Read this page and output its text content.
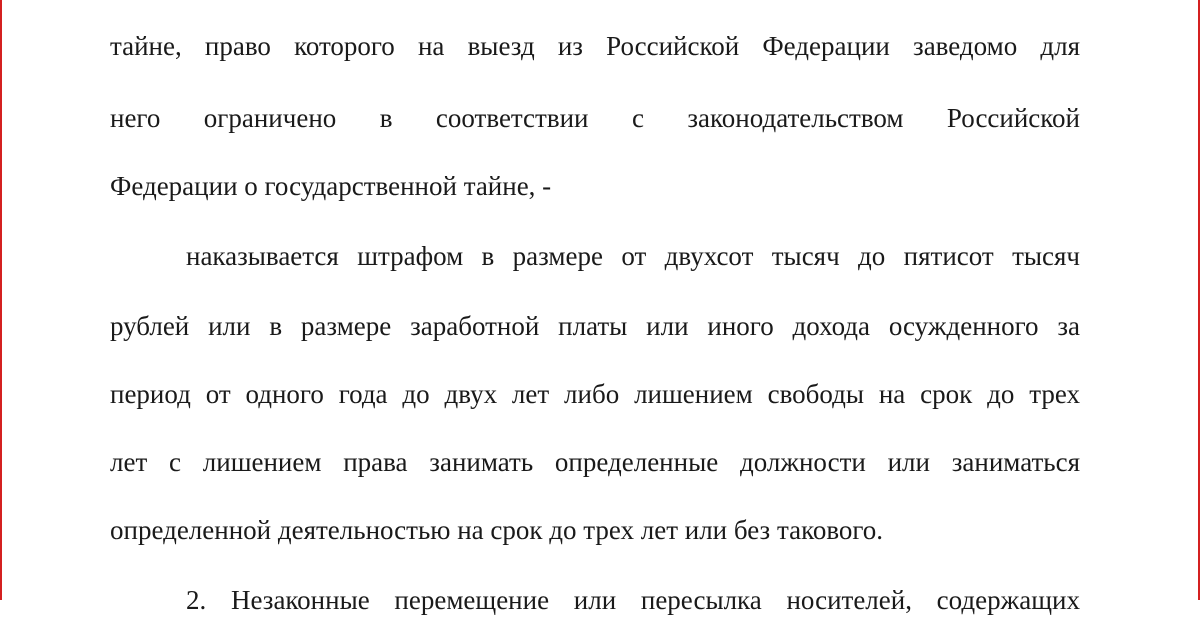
тайне, право которого на выезд из Российской Федерации заведомо для
него ограничено в соответствии с законодательством Российской
Федерации о государственной тайне, -
наказывается штрафом в размере от двухсот тысяч до пятисот тысяч
рублей или в размере заработной платы или иного дохода осужденного за
период от одного года до двух лет либо лишением свободы на срок до трех
лет с лишением права занимать определенные должности или заниматься
определенной деятельностью на срок до трех лет или без такового.
2. Незаконные перемещение или пересылка носителей, содержащих
